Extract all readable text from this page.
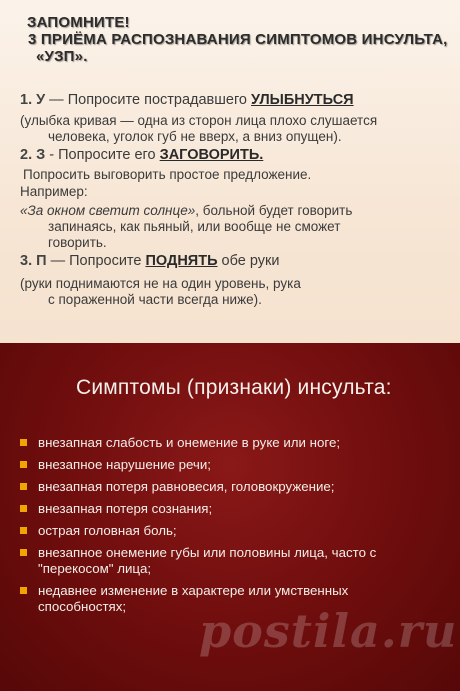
ЗАПОМНИТЕ!
3 ПРИЁМА РАСПОЗНАВАНИЯ СИМПТОМОВ ИНСУЛЬТА,
«УЗП».
1. У — Попросите пострадавшего УЛЫБНУТЬСЯ
(улыбка кривая — одна из сторон лица плохо слушается
человека, уголок губ не вверх, а вниз опущен).
2. З - Попросите его ЗАГОВОРИТЬ.
Попросить выговорить простое предложение.
Например:
«За окном светит солнце», больной будет говорить
запинаясь, как пьяный, или вообще не сможет
говорить.
3. П — Попросите ПОДНЯТЬ обе руки
(руки поднимаются не на один уровень, рука
с пораженной части всегда ниже).
Симптомы (признаки) инсульта:
внезапная слабость и онемение в руке или ноге;
внезапное нарушение речи;
внезапная потеря равновесия, головокружение;
внезапная потеря сознания;
острая головная боль;
внезапное онемение губы или половины лица, часто с "перекосом" лица;
недавнее изменение в характере или умственных способностях;	postila.ru
